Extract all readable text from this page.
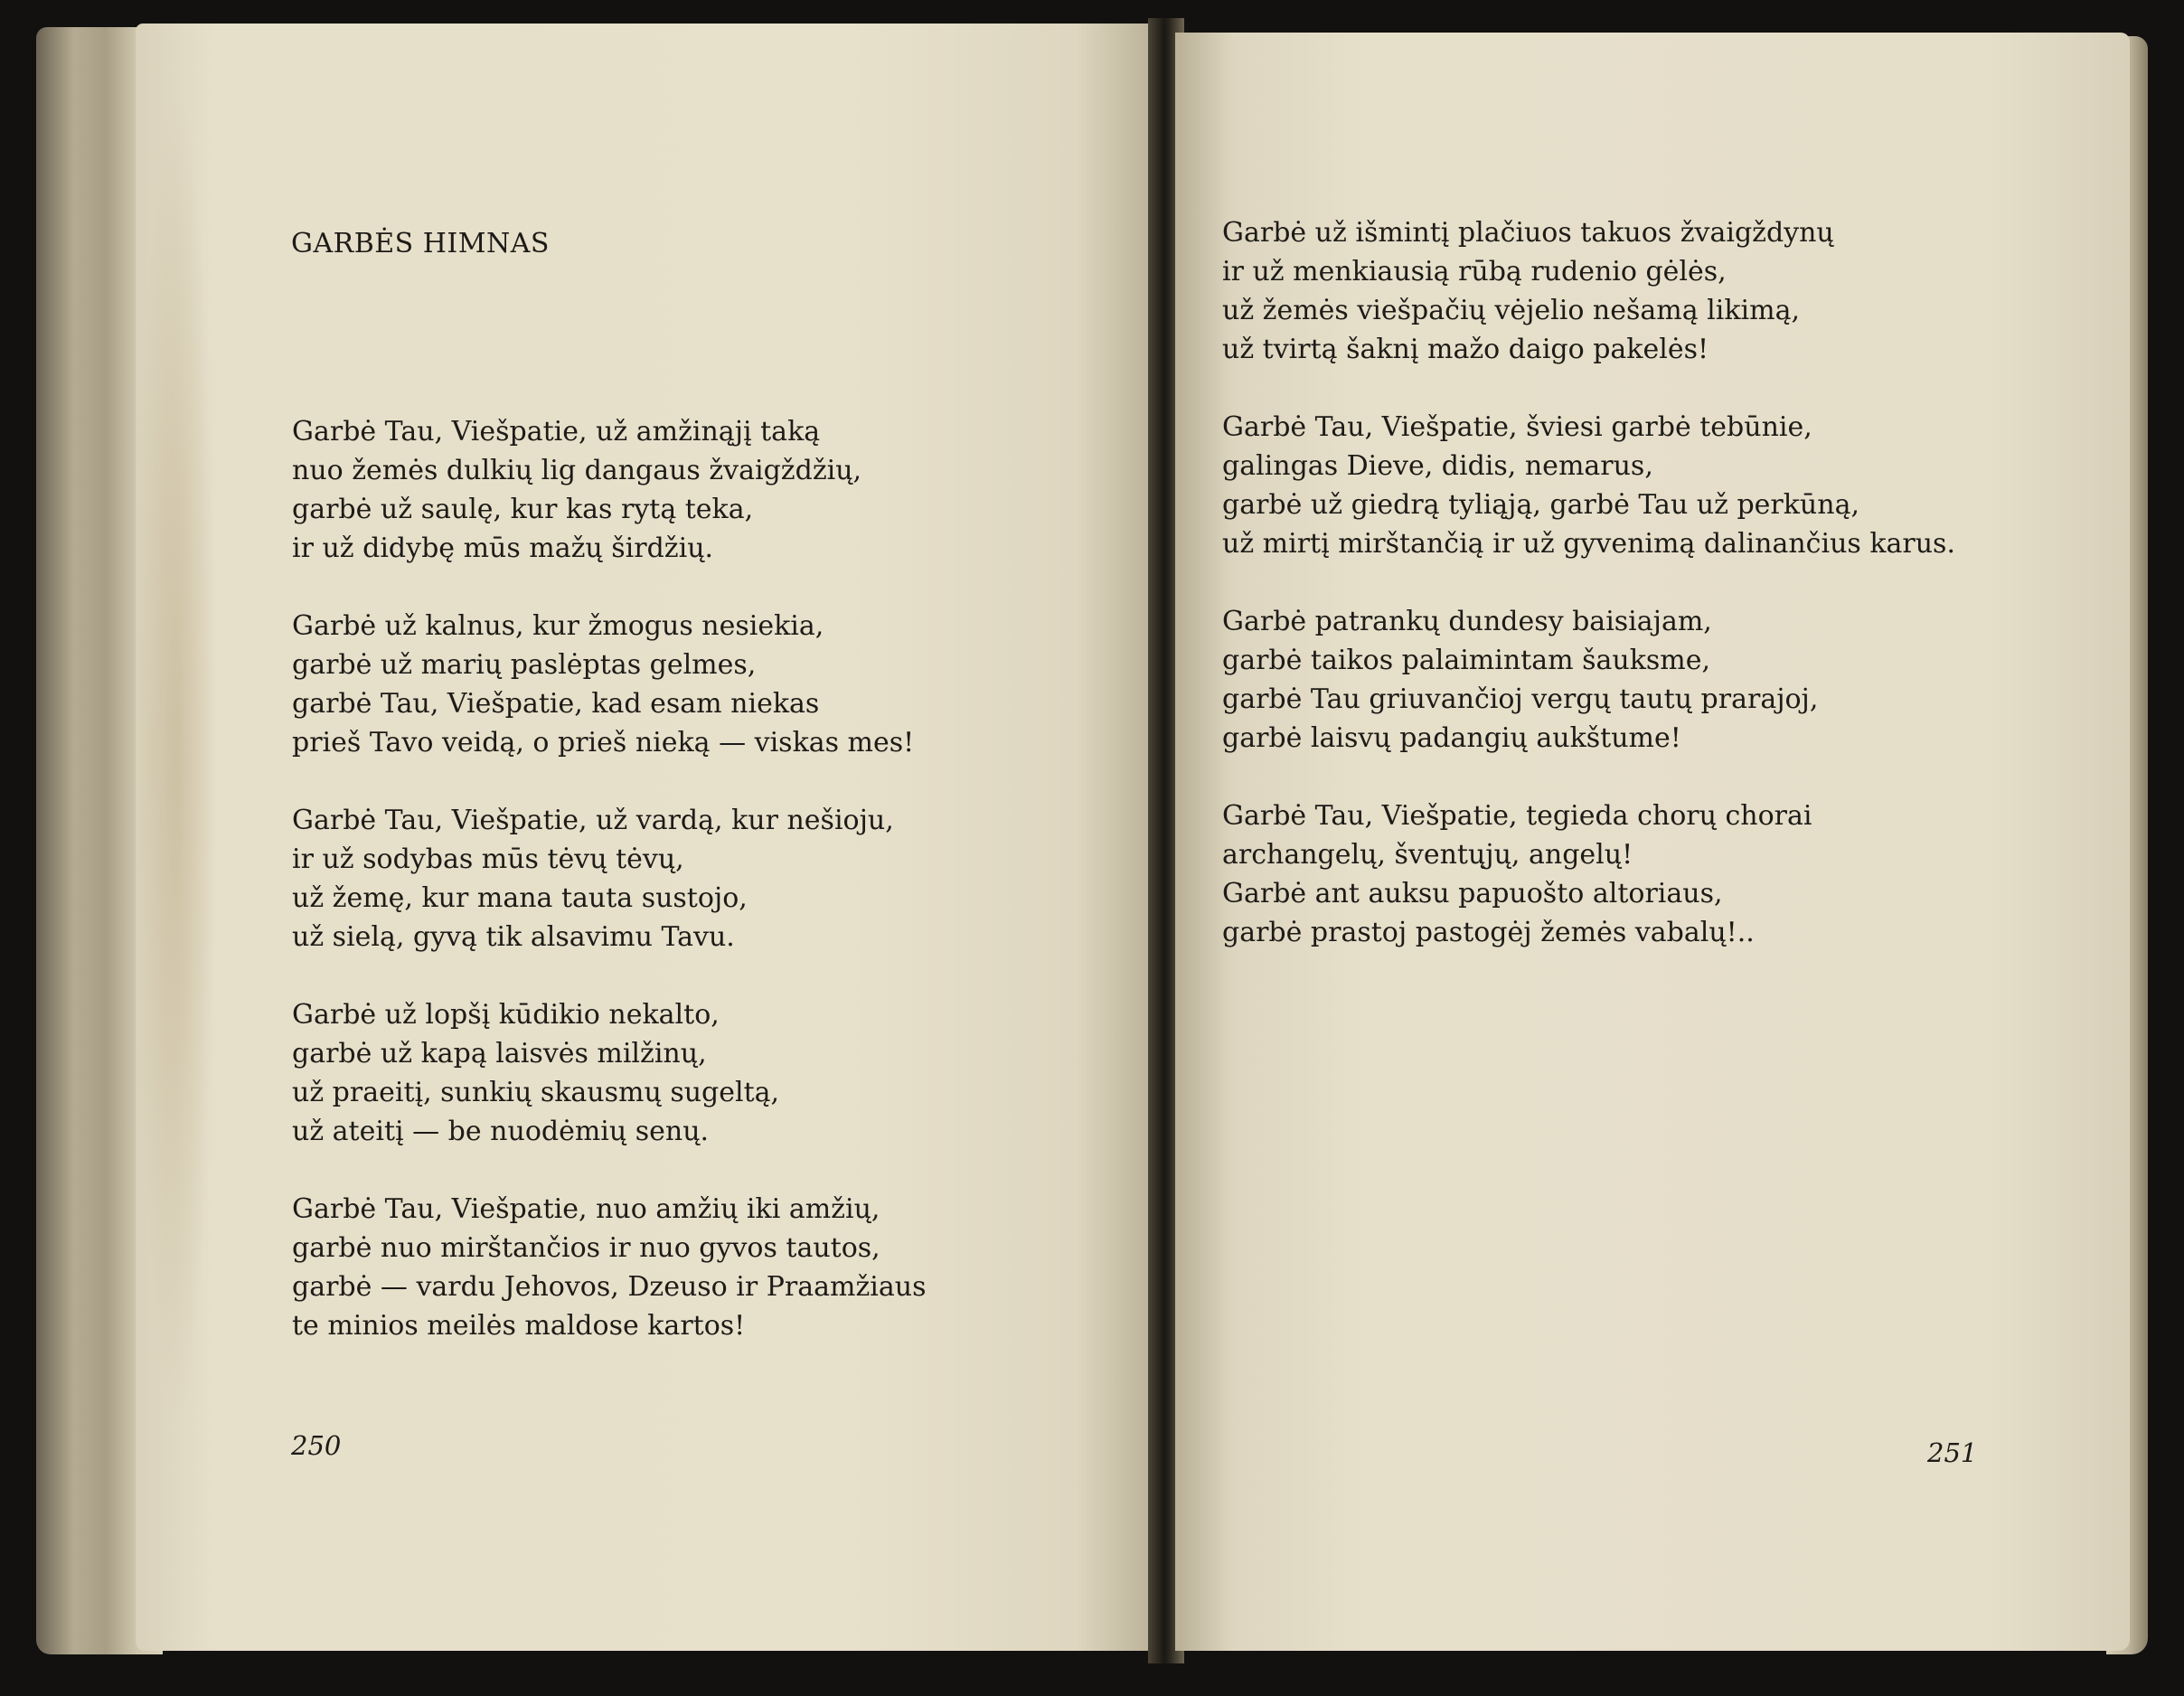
GARBĖS HIMNAS

Garbė Tau, Viešpatie, už amžinąjį taką
nuo žemės dulkių lig dangaus žvaigždžių,
garbė už saulę, kur kas rytą teka,
ir už didybę mūs mažų širdžių.

Garbė už kalnus, kur žmogus nesiekia,
garbė už marių paslėptas gelmes,
garbė Tau, Viešpatie, kad esam niekas
prieš Tavo veidą, o prieš nieką — viskas mes!

Garbė Tau, Viešpatie, už vardą, kur nešioju,
ir už sodybas mūs tėvų tėvų,
už žemę, kur mana tauta sustojo,
už sielą, gyvą tik alsavimu Tavu.

Garbė už lopšį kūdikio nekalto,
garbė už kapą laisvės milžinų,
už praeitį, sunkių skausmų sugeltą,
už ateitį — be nuodėmių senų.

Garbė Tau, Viešpatie, nuo amžių iki amžių,
garbė nuo mirštančios ir nuo gyvos tautos,
garbė — vardu Jehovos, Dzeuso ir Praamžiaus
te minios meilės maldose kartos!

250

Garbė už išmintį plačiuos takuos žvaigždynų
ir už menkiausią rūbą rudenio gėlės,
už žemės viešpačių vėjelio nešamą likimą,
už tvirtą šaknį mažo daigo pakelės!

Garbė Tau, Viešpatie, šviesi garbė tebūnie,
galingas Dieve, didis, nemarus,
garbė už giedrą tyliąją, garbė Tau už perkūną,
už mirtį mirštančią ir už gyvenimą dalinančius karus.

Garbė patrankų dundesy baisiajam,
garbė taikos palaimintam šauksme,
garbė Tau griuvančioj vergų tautų prarajoj,
garbė laisvų padangių aukštume!

Garbė Tau, Viešpatie, tegieda chorų chorai
archangelų, šventųjų, angelų!
Garbė ant auksu papuošto altoriaus,
garbė prastoj pastogėj žemės vabalų!..

251
